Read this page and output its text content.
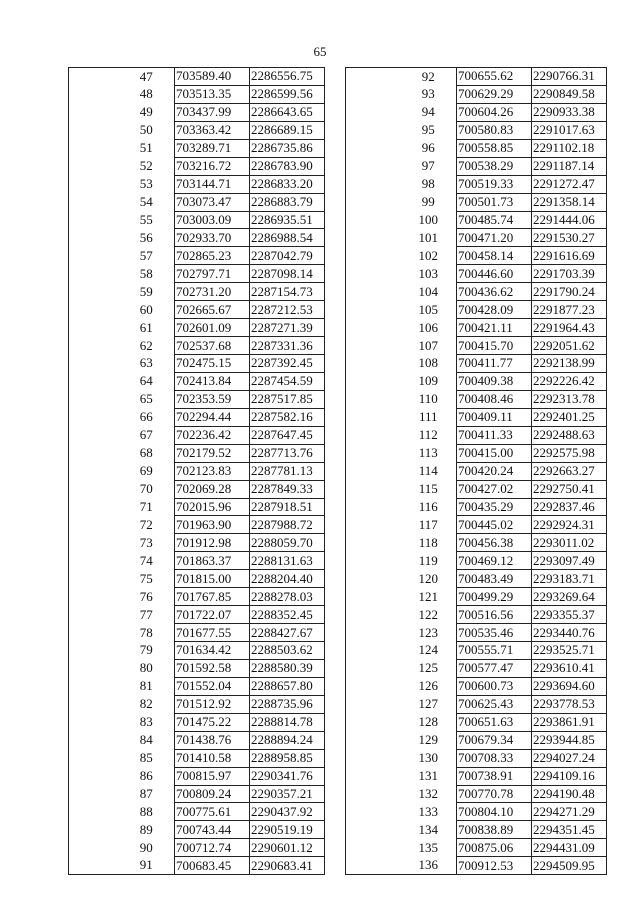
65
	47	703589.40	2286556.75
	48	703513.35	2286599.56
	49	703437.99	2286643.65
	50	703363.42	2286689.15
	51	703289.71	2286735.86
	52	703216.72	2286783.90
	53	703144.71	2286833.20
	54	703073.47	2286883.79
	55	703003.09	2286935.51
	56	702933.70	2286988.54
	57	702865.23	2287042.79
	58	702797.71	2287098.14
	59	702731.20	2287154.73
	60	702665.67	2287212.53
	61	702601.09	2287271.39
	62	702537.68	2287331.36
	63	702475.15	2287392.45
	64	702413.84	2287454.59
	65	702353.59	2287517.85
	66	702294.44	2287582.16
	67	702236.42	2287647.45
	68	702179.52	2287713.76
	69	702123.83	2287781.13
	70	702069.28	2287849.33
	71	702015.96	2287918.51
	72	701963.90	2287988.72
	73	701912.98	2288059.70
	74	701863.37	2288131.63
	75	701815.00	2288204.40
	76	701767.85	2288278.03
	77	701722.07	2288352.45
	78	701677.55	2288427.67
	79	701634.42	2288503.62
	80	701592.58	2288580.39
	81	701552.04	2288657.80
	82	701512.92	2288735.96
	83	701475.22	2288814.78
	84	701438.76	2288894.24
	85	701410.58	2288958.85
	86	700815.97	2290341.76
	87	700809.24	2290357.21
	88	700775.61	2290437.92
	89	700743.44	2290519.19
	90	700712.74	2290601.12
	91	700683.45	2290683.41
	92	700655.62	2290766.31
	93	700629.29	2290849.58
	94	700604.26	2290933.38
	95	700580.83	2291017.63
	96	700558.85	2291102.18
	97	700538.29	2291187.14
	98	700519.33	2291272.47
	99	700501.73	2291358.14
	100	700485.74	2291444.06
	101	700471.20	2291530.27
	102	700458.14	2291616.69
	103	700446.60	2291703.39
	104	700436.62	2291790.24
	105	700428.09	2291877.23
	106	700421.11	2291964.43
	107	700415.70	2292051.62
	108	700411.77	2292138.99
	109	700409.38	2292226.42
	110	700408.46	2292313.78
	111	700409.11	2292401.25
	112	700411.33	2292488.63
	113	700415.00	2292575.98
	114	700420.24	2292663.27
	115	700427.02	2292750.41
	116	700435.29	2292837.46
	117	700445.02	2292924.31
	118	700456.38	2293011.02
	119	700469.12	2293097.49
	120	700483.49	2293183.71
	121	700499.29	2293269.64
	122	700516.56	2293355.37
	123	700535.46	2293440.76
	124	700555.71	2293525.71
	125	700577.47	2293610.41
	126	700600.73	2293694.60
	127	700625.43	2293778.53
	128	700651.63	2293861.91
	129	700679.34	2293944.85
	130	700708.33	2294027.24
	131	700738.91	2294109.16
	132	700770.78	2294190.48
	133	700804.10	2294271.29
	134	700838.89	2294351.45
	135	700875.06	2294431.09
	136	700912.53	2294509.95
